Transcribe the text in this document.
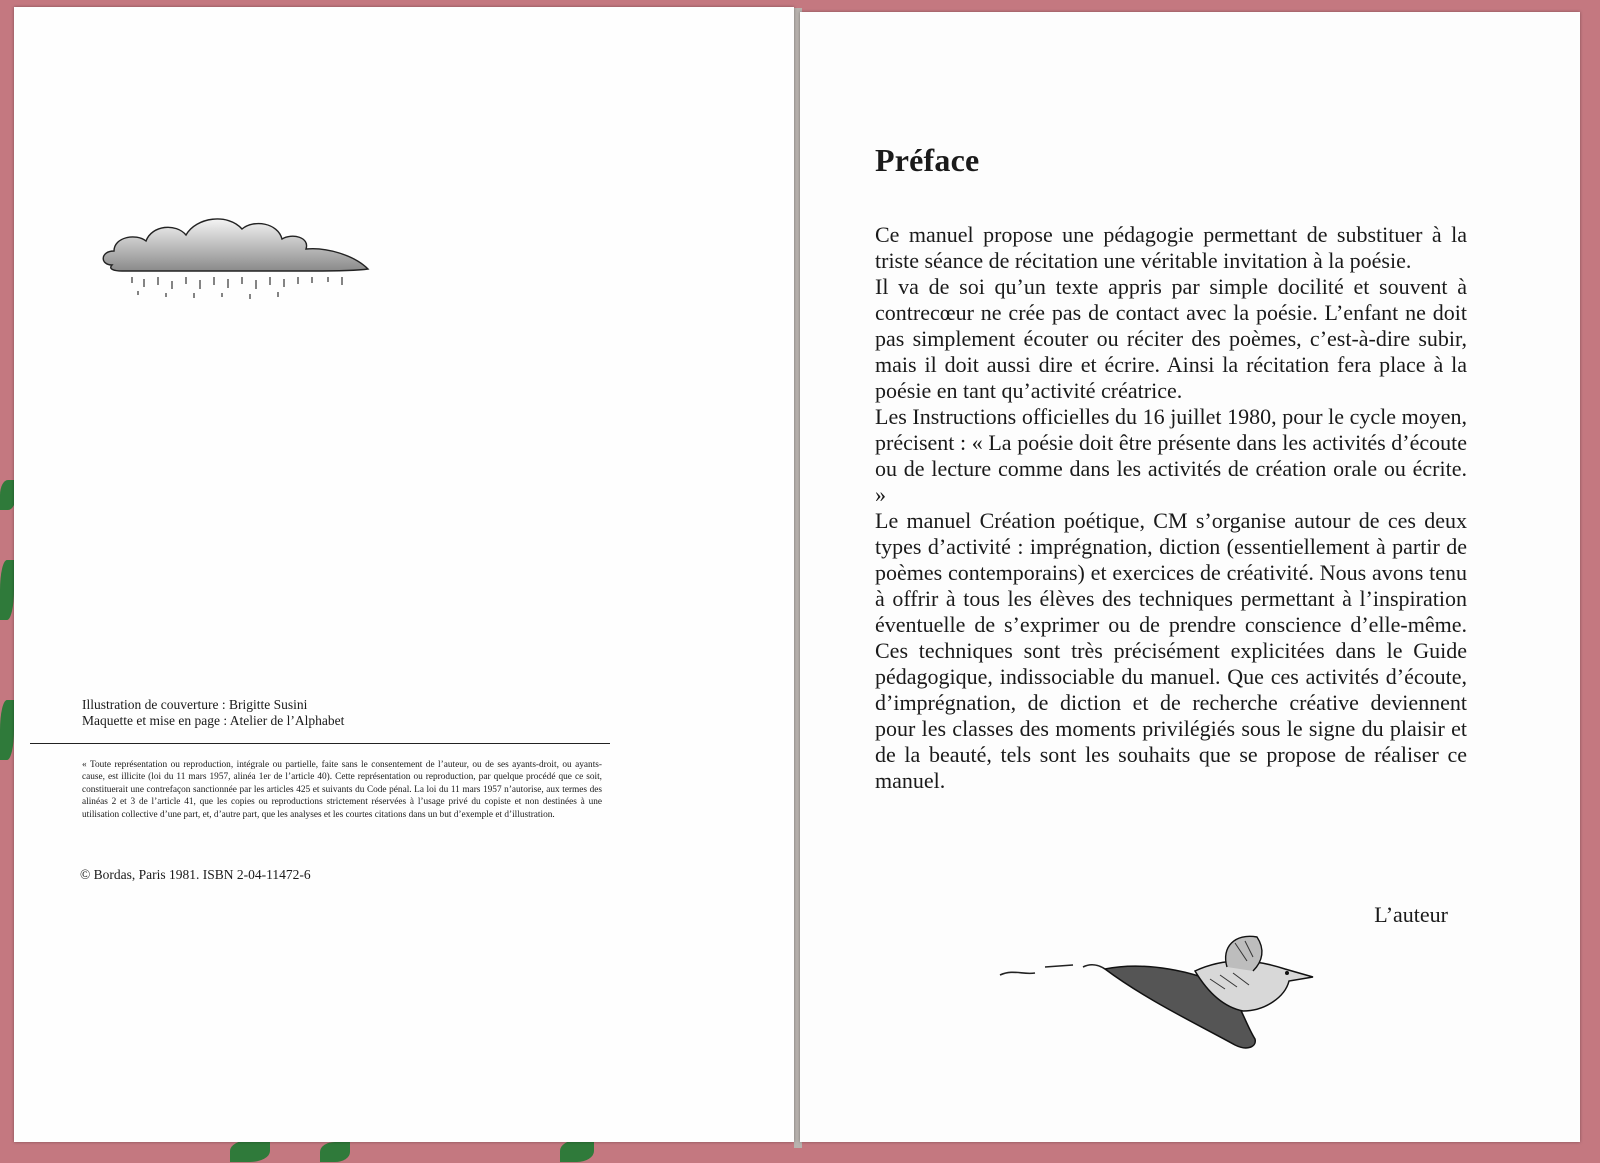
Illustration de couverture : Brigitte Susini
Maquette et mise en page : Atelier de l’Alphabet
« Toute représentation ou reproduction, intégrale ou partielle, faite sans le consentement de l’auteur, ou de ses ayants-droit, ou ayants-cause, est illicite (loi du 11 mars 1957, alinéa 1er de l’article 40). Cette représentation ou reproduction, par quelque procédé que ce soit, constituerait une contrefaçon sanctionnée par les articles 425 et suivants du Code pénal. La loi du 11 mars 1957 n’autorise, aux termes des alinéas 2 et 3 de l’article 41, que les copies ou reproductions strictement réservées à l’usage privé du copiste et non destinées à une utilisation collective d’une part, et, d’autre part, que les analyses et les courtes citations dans un but d’exemple et d’illustration.
© Bordas, Paris 1981. ISBN 2-04-11472-6
Préface

Ce manuel propose une pédagogie permettant de substituer à la triste séance de récitation une véritable invitation à la poésie.

Il va de soi qu’un texte appris par simple docilité et souvent à contrecœur ne crée pas de contact avec la poésie. L’enfant ne doit pas simplement écouter ou réciter des poèmes, c’est-à-dire subir, mais il doit aussi dire et écrire. Ainsi la récitation fera place à la poésie en tant qu’activité créatrice.

Les Instructions officielles du 16 juillet 1980, pour le cycle moyen, précisent : « La poésie doit être présente dans les activités d’écoute ou de lecture comme dans les activités de création orale ou écrite. »

Le manuel Création poétique, CM s’organise autour de ces deux types d’activité : imprégnation, diction (essentiellement à partir de poèmes contemporains) et exercices de créativité. Nous avons tenu à offrir à tous les élèves des techniques permettant à l’inspiration éventuelle de s’exprimer ou de prendre conscience d’elle-même. Ces techniques sont très précisément explicitées dans le Guide pédagogique, indissociable du manuel. Que ces activités d’écoute, d’imprégnation, de diction et de recherche créative deviennent pour les classes des moments privilégiés sous le signe du plaisir et de la beauté, tels sont les souhaits que se propose de réaliser ce manuel.

L’auteur
